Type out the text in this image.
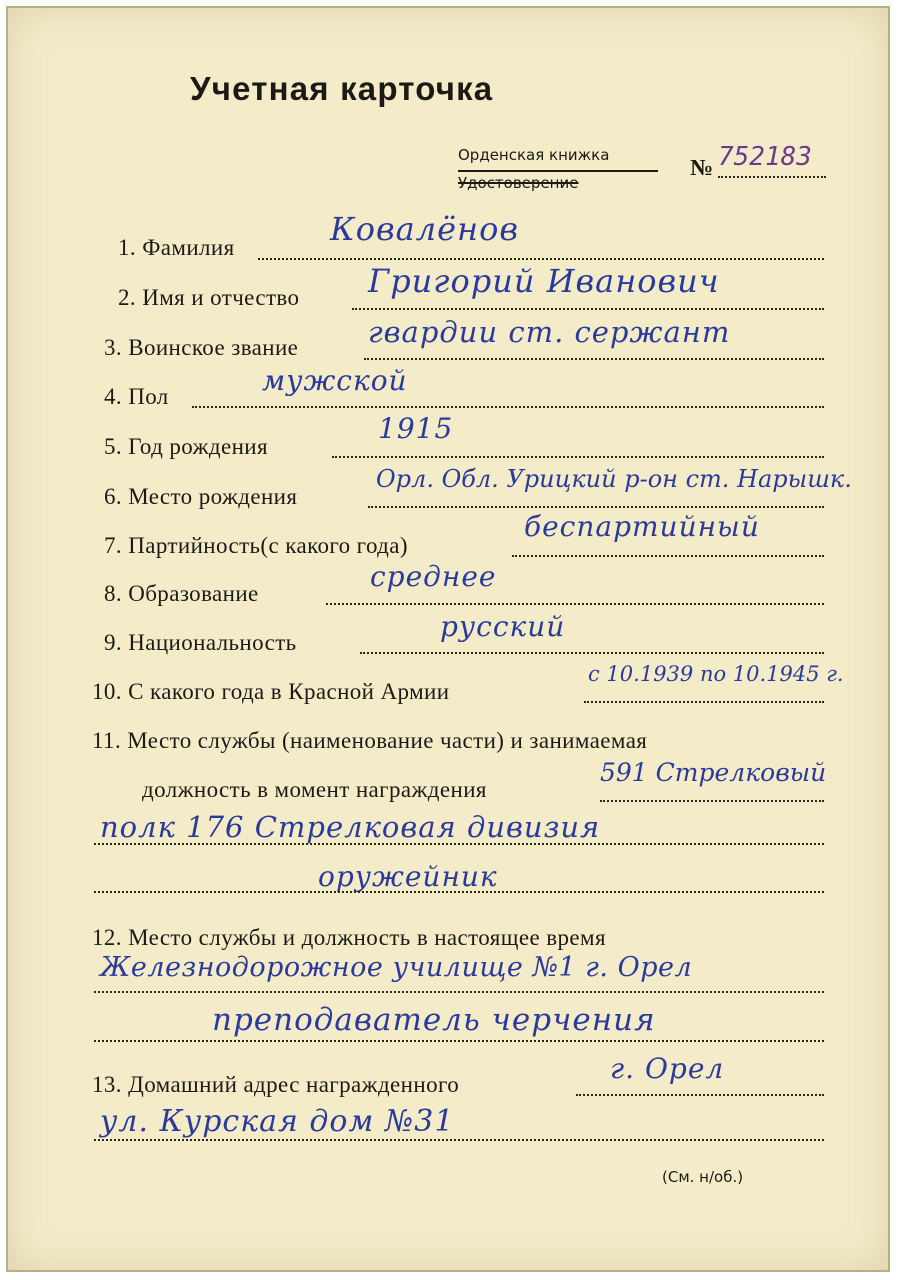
Учетная карточка
Орденская книжка
Удостоверение
№ 752183
1. Фамилия	Ковалёнов
2. Имя и отчество Григорий Иванович
3. Воинское звание гвардии ст. сержант
4. Пол	мужской
5. Год рождения
1915
6. Место рождения
Орл. Обл. Урицкий р-он ст. Нарышк.
7. Партийность(с какого года)
беспартийный
8. Образование
среднее
9. Национальность	русский
10. С какого года в Красной Армии
с 10.1939 по 10.1945 г.
11. Место службы (наименование части) и занимаемая
должность в момент награждения
591 Стрелковый
полк 176 Стрелковая дивизия
оружейник
12. Место службы и должность в настоящее время
Железнодорожное училище №1 г. Орел
преподаватель черчения
13. Домашний адрес награжденного	г. Орел
ул. Курская дом №31
(См. н/об.)
